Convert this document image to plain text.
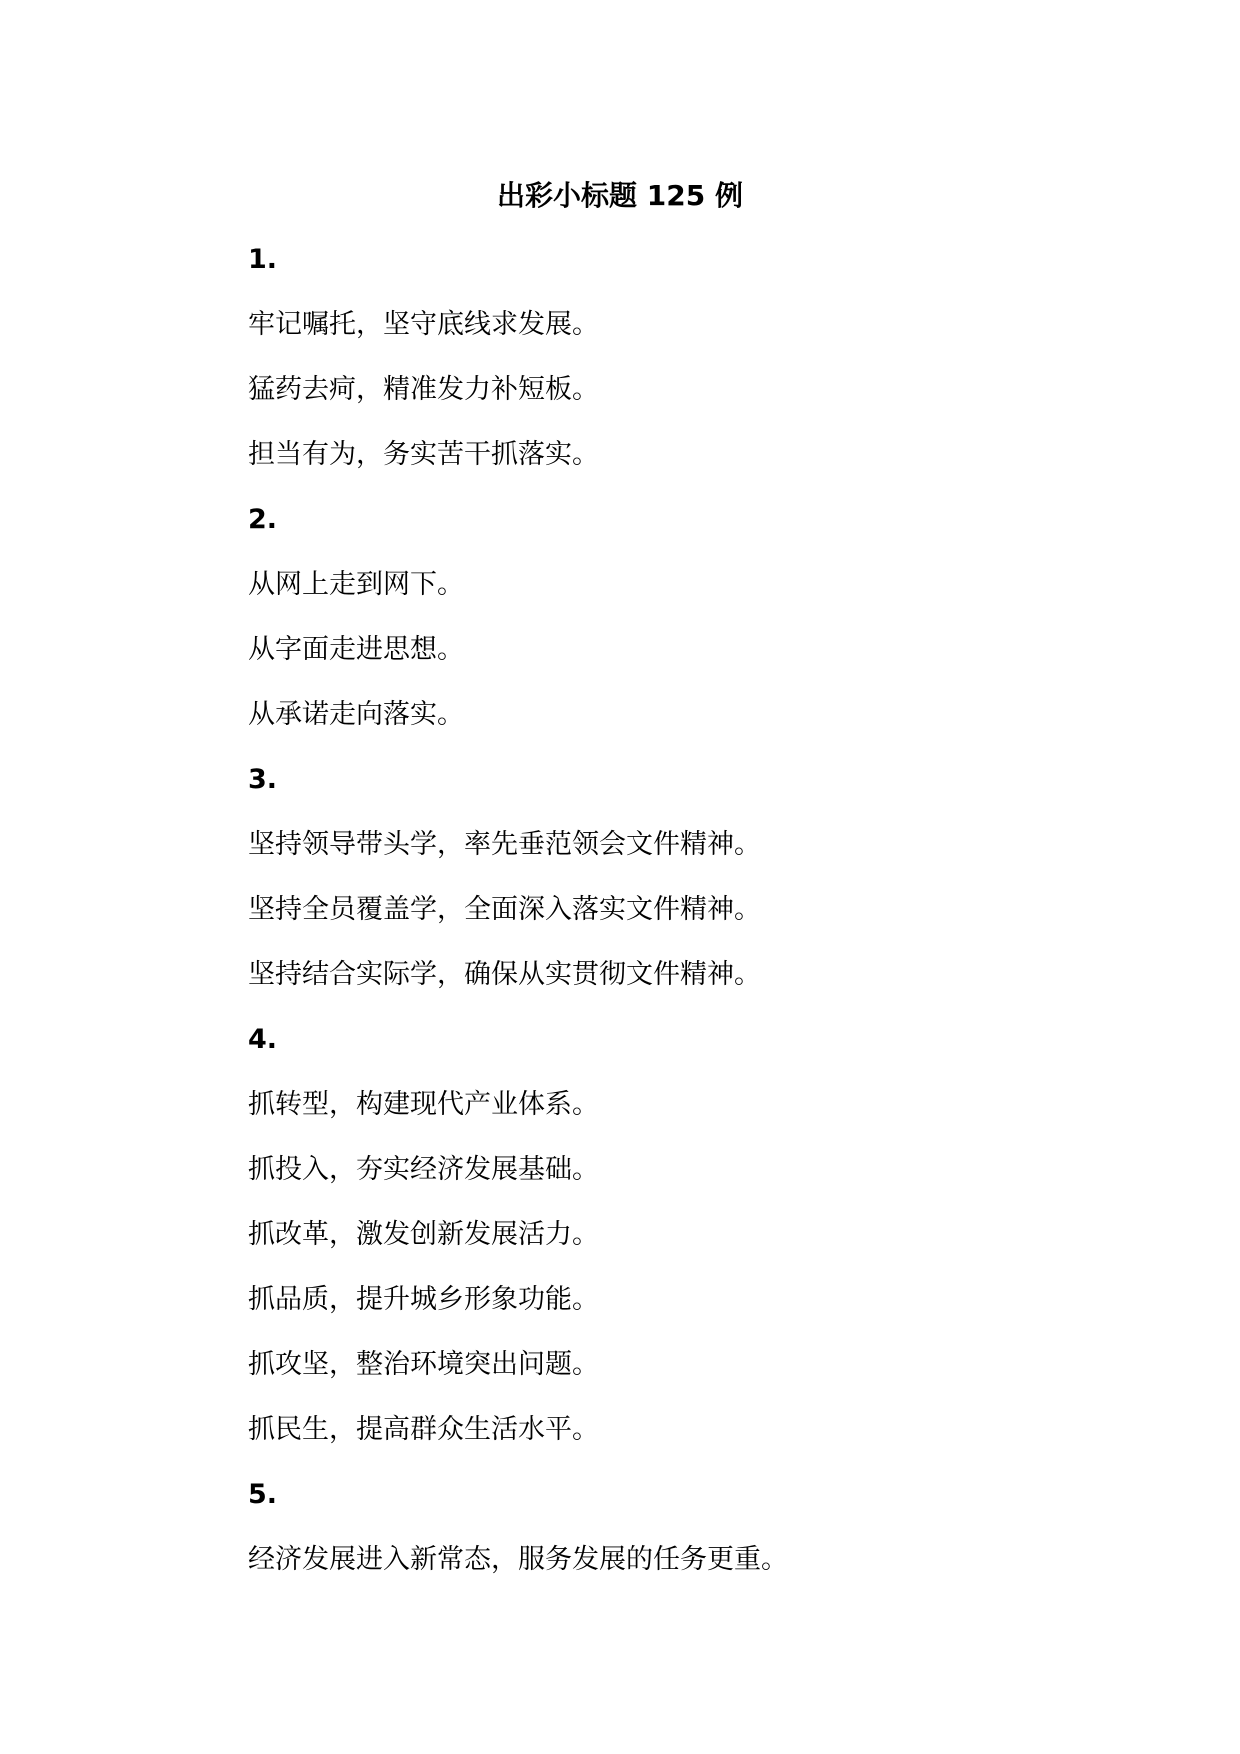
出彩小标题 125 例
1.
牢记嘱托，坚守底线求发展。
猛药去疴，精准发力补短板。
担当有为，务实苦干抓落实。
2.
从网上走到网下。
从字面走进思想。
从承诺走向落实。
3.
坚持领导带头学，率先垂范领会文件精神。
坚持全员覆盖学，全面深入落实文件精神。
坚持结合实际学，确保从实贯彻文件精神。
4.
抓转型，构建现代产业体系。
抓投入，夯实经济发展基础。
抓改革，激发创新发展活力。
抓品质，提升城乡形象功能。
抓攻坚，整治环境突出问题。
抓民生，提高群众生活水平。
5.
经济发展进入新常态，服务发展的任务更重。
